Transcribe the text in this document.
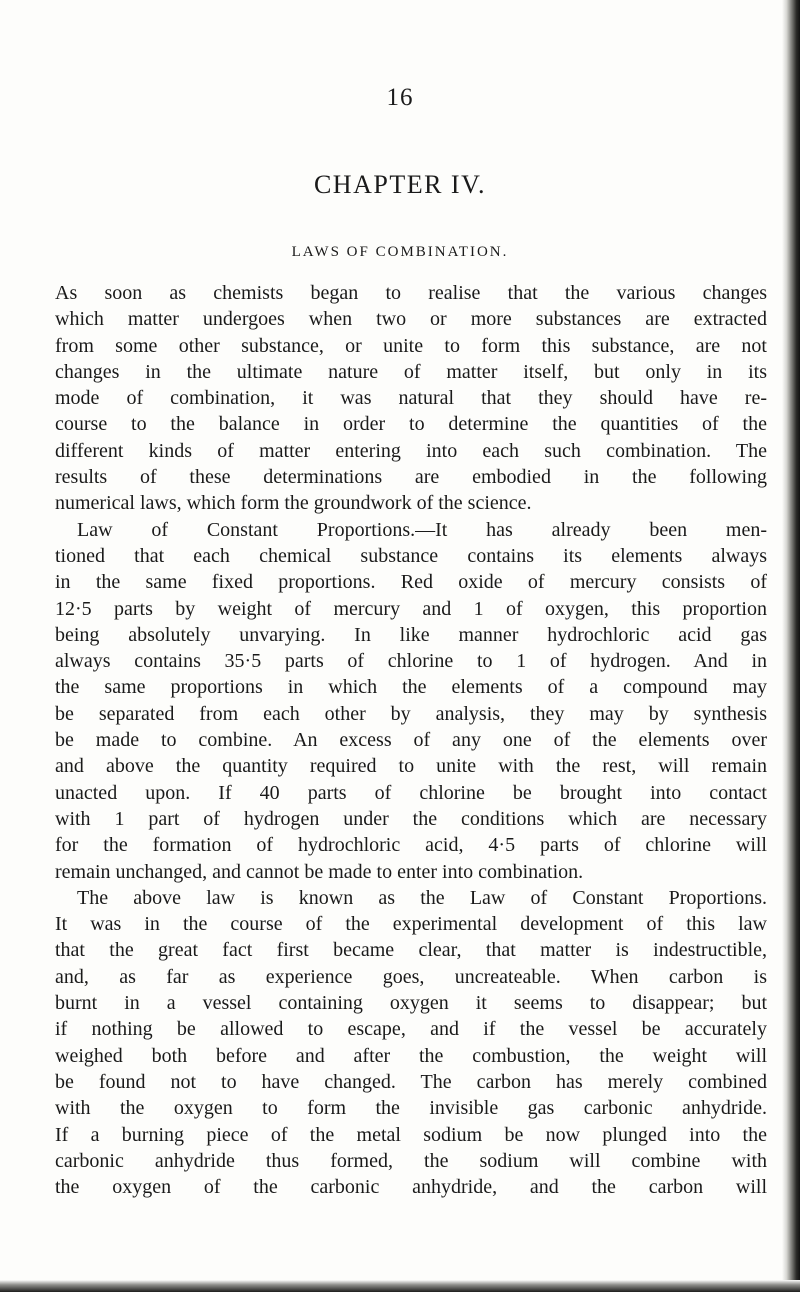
16
CHAPTER IV.
LAWS OF COMBINATION.
As soon as chemists began to realise that the various changes
which matter undergoes when two or more substances are extracted
from some other substance, or unite to form this substance, are not
changes in the ultimate nature of matter itself, but only in its
mode of combination, it was natural that they should have re-
course to the balance in order to determine the quantities of the
different kinds of matter entering into each such combination. The
results of these determinations are embodied in the following
numerical laws, which form the groundwork of the science.
Law of Constant Proportions.—It has already been men-
tioned that each chemical substance contains its elements always
in the same fixed proportions. Red oxide of mercury consists of
12·5 parts by weight of mercury and 1 of oxygen, this proportion
being absolutely unvarying. In like manner hydrochloric acid gas
always contains 35·5 parts of chlorine to 1 of hydrogen. And in
the same proportions in which the elements of a compound may
be separated from each other by analysis, they may by synthesis
be made to combine. An excess of any one of the elements over
and above the quantity required to unite with the rest, will remain
unacted upon. If 40 parts of chlorine be brought into contact
with 1 part of hydrogen under the conditions which are necessary
for the formation of hydrochloric acid, 4·5 parts of chlorine will
remain unchanged, and cannot be made to enter into combination.
The above law is known as the Law of Constant Proportions.
It was in the course of the experimental development of this law
that the great fact first became clear, that matter is indestructible,
and, as far as experience goes, uncreateable. When carbon is
burnt in a vessel containing oxygen it seems to disappear; but
if nothing be allowed to escape, and if the vessel be accurately
weighed both before and after the combustion, the weight will
be found not to have changed. The carbon has merely combined
with the oxygen to form the invisible gas carbonic anhydride.
If a burning piece of the metal sodium be now plunged into the
carbonic anhydride thus formed, the sodium will combine with
the oxygen of the carbonic anhydride, and the carbon will
